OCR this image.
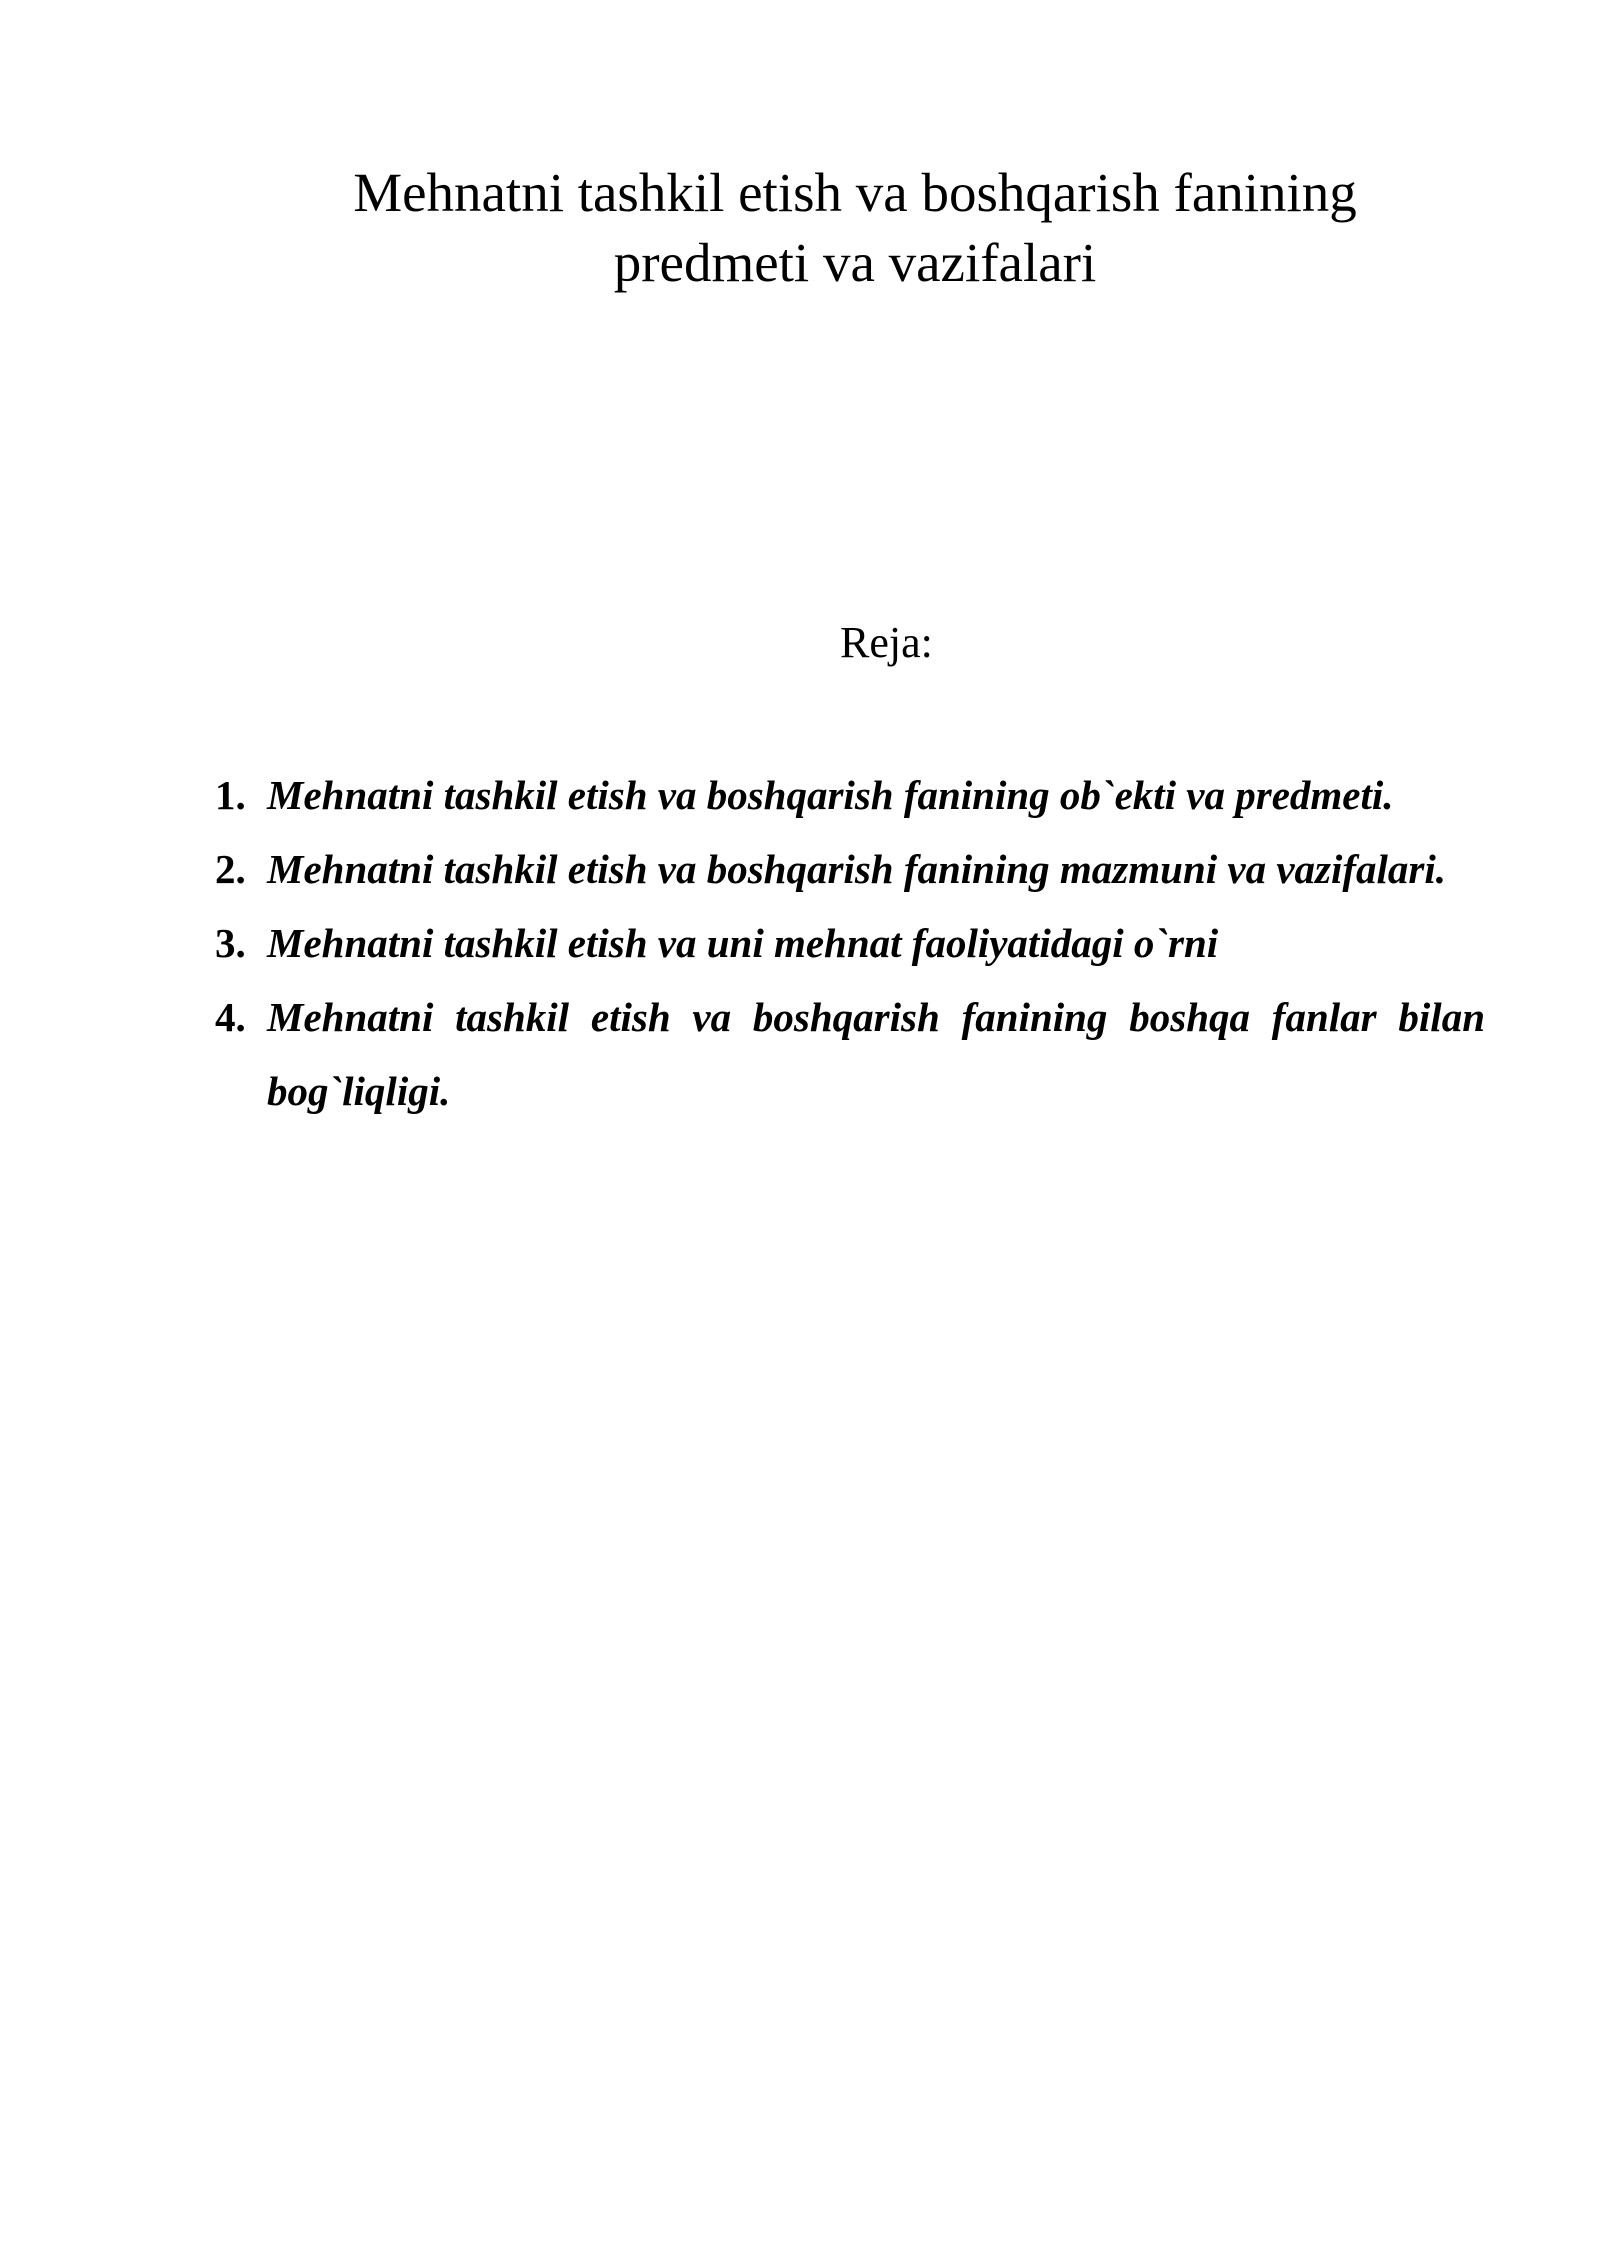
Mehnatni tashkil etish va boshqarish fanining
predmeti va vazifalari
Reja:
1. Mehnatni tashkil etish va boshqarish fanining ob`ekti va predmeti.
2. Mehnatni tashkil etish va boshqarish fanining mazmuni va vazifalari.
3. Mehnatni tashkil etish va uni mehnat faoliyatidagi o`rni
4. Mehnatni tashkil etish va boshqarish fanining boshqa fanlar bilan bog`liqligi.
